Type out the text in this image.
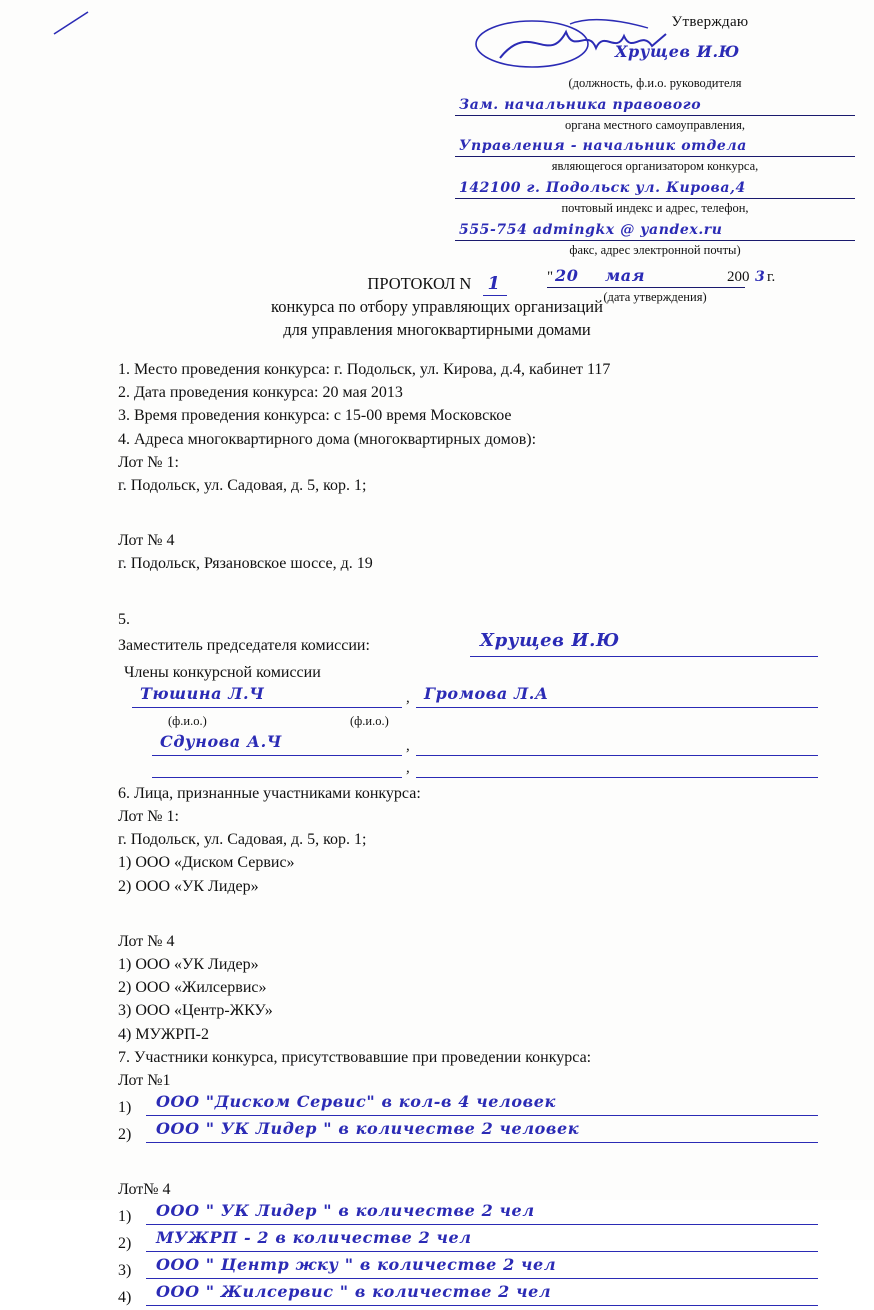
Утверждаю
Хрущев И.Ю
(должность, ф.и.о. руководителя
Зам. начальника правового
органа местного самоуправления,
Управления - начальник отдела
являющегося организатором конкурса,
142100 г. Подольск ул. Кирова,4
почтовый индекс и адрес, телефон,
555-754 admingkx @ yandex.ru
факс, адрес электронной почты)
" 20 мая	200 3 г.
(дата утверждения)
ПРОТОКОЛ N 1
конкурса по отбору управляющих организаций
для управления многоквартирными домами

1. Место проведения конкурса: г. Подольск, ул. Кирова, д.4, кабинет 117

2. Дата проведения конкурса: 20 мая 2013

3. Время проведения конкурса: с 15-00 время Московское

4. Адреса многоквартирного дома (многоквартирных домов):

Лот № 1:

г. Подольск, ул. Садовая, д. 5, кор. 1;

Лот № 4

г. Подольск, Рязановское шоссе, д. 19

5.

Заместитель председателя комиссии:	Хрущев И.Ю

Члены конкурсной комиссии

Тюшина Л.Ч	, Громова Л.А
(ф.и.о.)	(ф.и.о.)
Сдунова А.Ч	,
,

6. Лица, признанные участниками конкурса:

Лот № 1:

г. Подольск, ул. Садовая, д. 5, кор. 1;

1) ООО «Диском Сервис»

2) ООО «УК Лидер»

Лот № 4

1) ООО «УК Лидер»

2) ООО «Жилсервис»

3) ООО «Центр-ЖКУ»

4) МУЖРП-2

7. Участники конкурса, присутствовавшие при проведении конкурса:

Лот №1

1) ООО "Диском Сервис" в кол-в 4 человек
2) ООО " УК Лидер " в количестве 2 человек

Лот№ 4

1) ООО " УК Лидер " в количестве 2 чел
2) МУЖРП - 2 в количестве 2 чел
3) ООО " Центр жку " в количестве 2 чел
4) ООО " Жилсервис " в количестве 2 чел
